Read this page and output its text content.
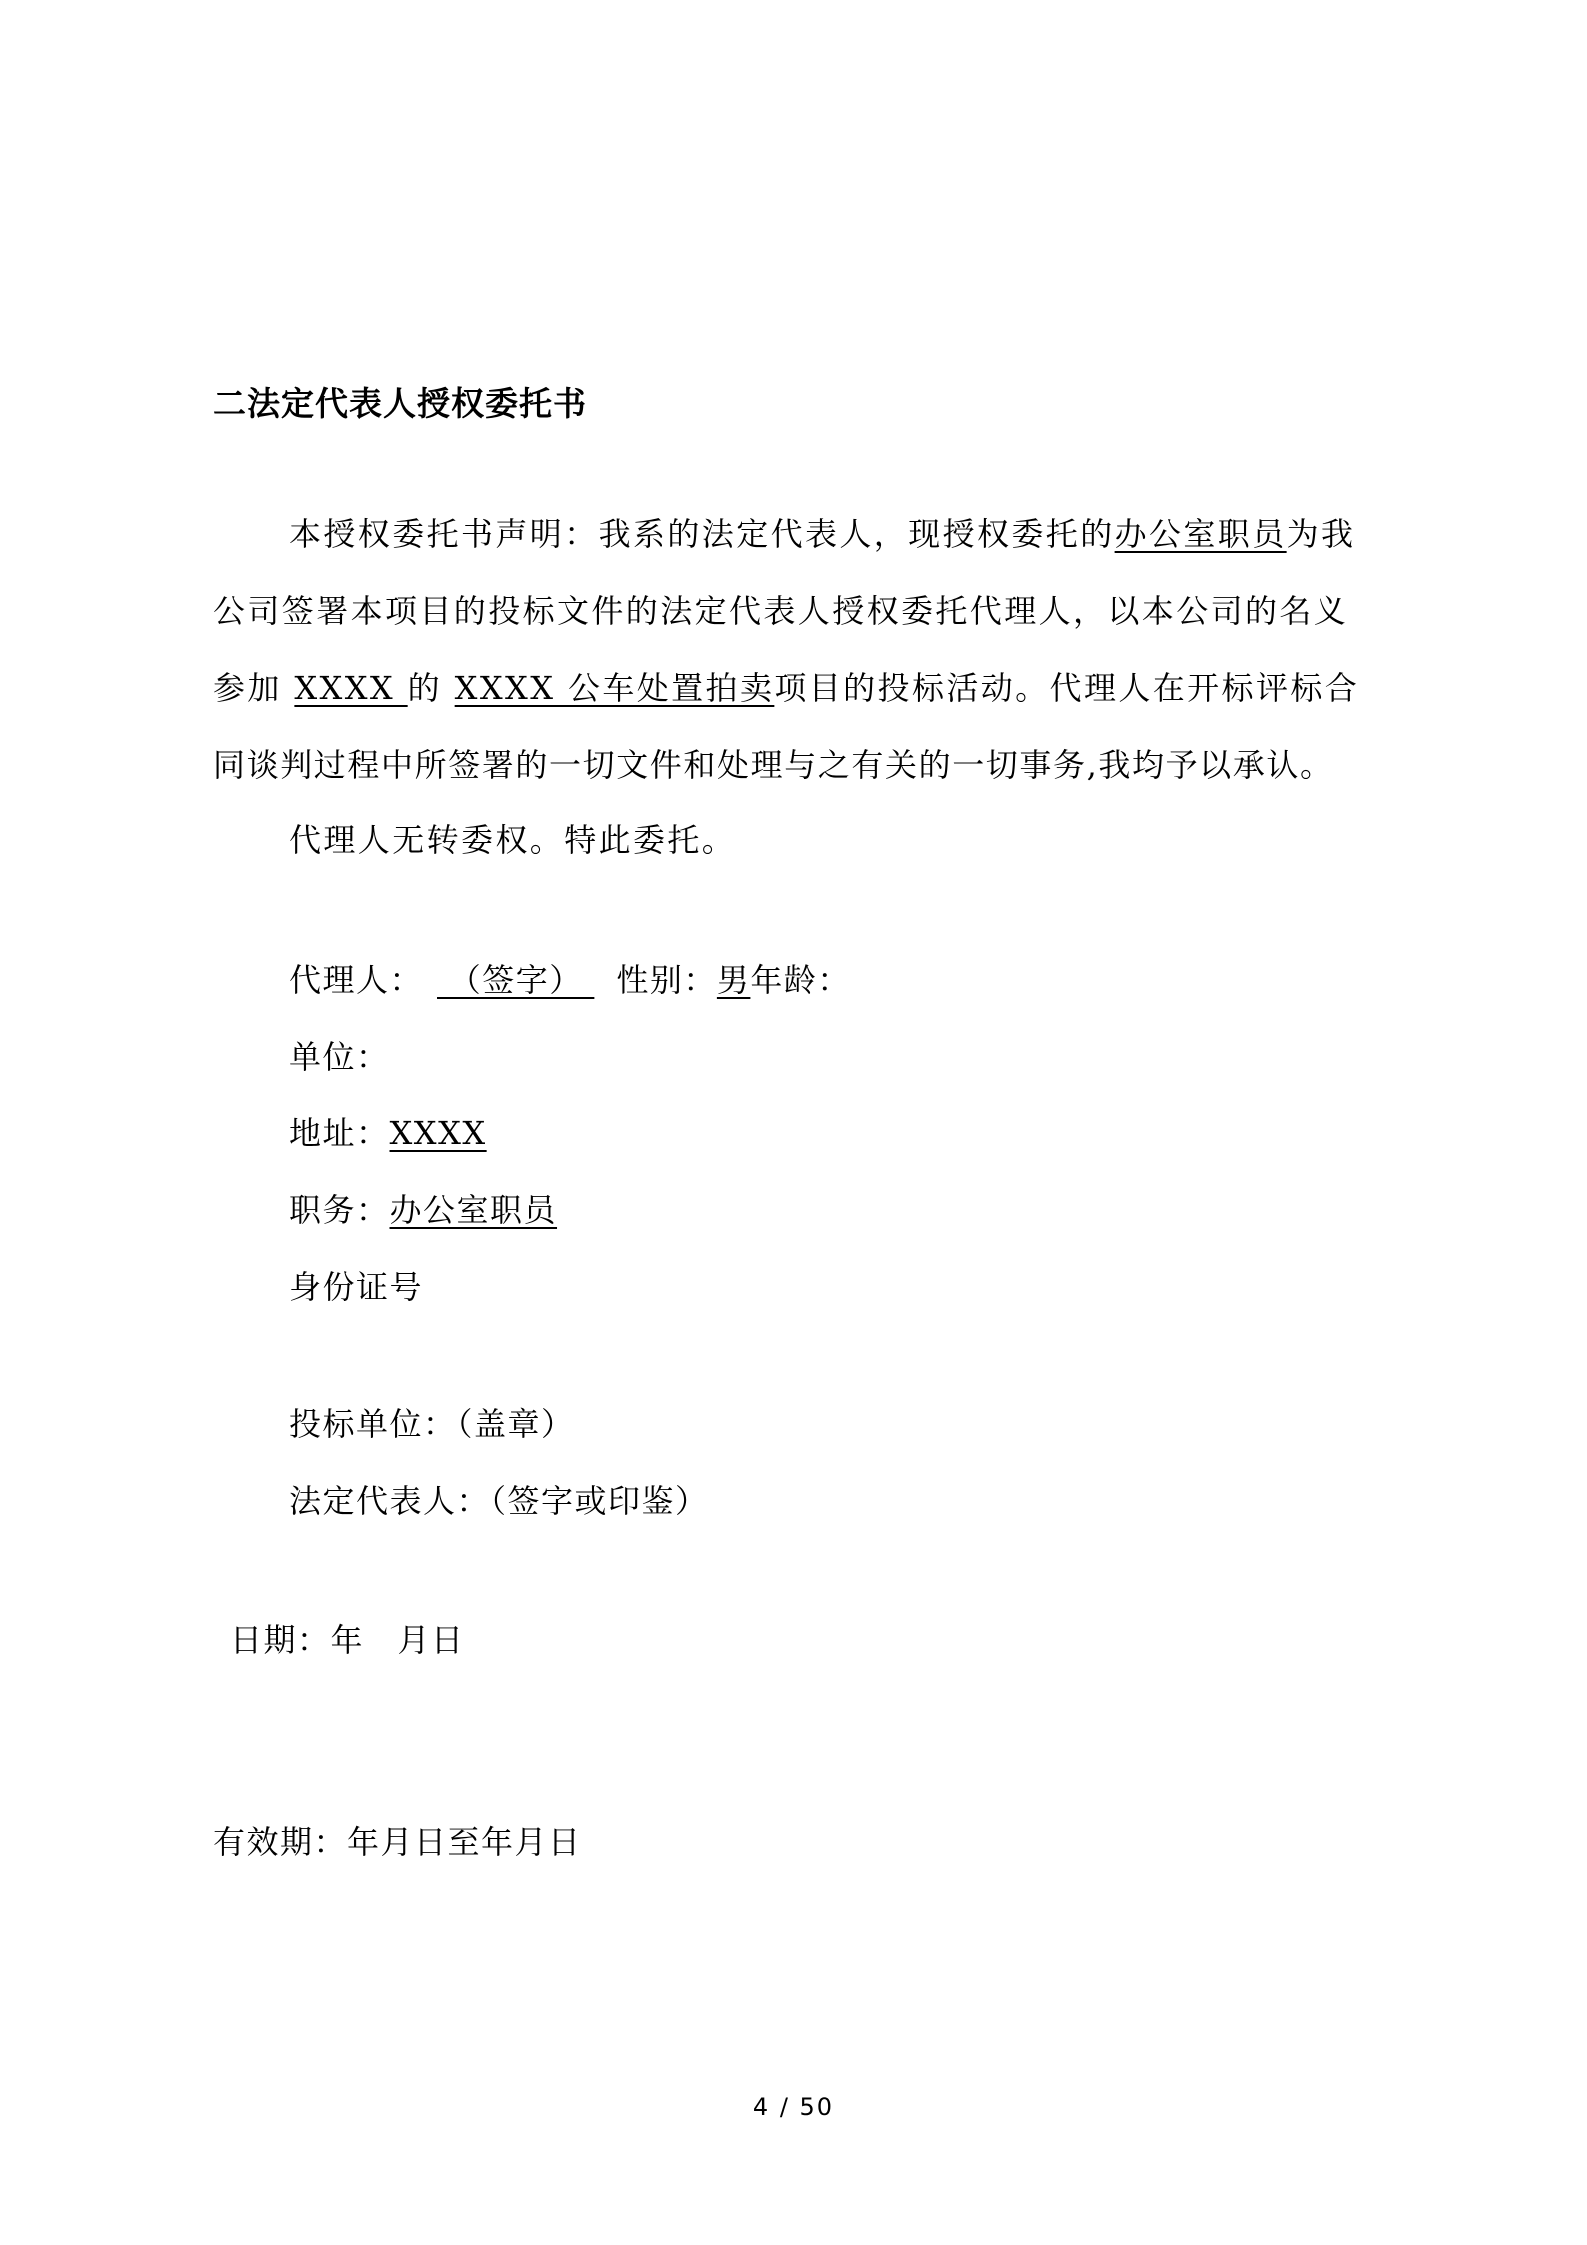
二法定代表人授权委托书
本授权委托书声明：我系的法定代表人，现授权委托的办公室职员为我
公司签署本项目的投标文件的法定代表人授权委托代理人，以本公司的名义
参加 XXXX 的 XXXX 公车处置拍卖项目的投标活动。代理人在开标评标合
同谈判过程中所签署的一切文件和处理与之有关的一切事务,我均予以承认。
代理人无转委权。特此委托。
代理人： （签字） 性别：男年龄：
单位：
地址：XXXX
职务：办公室职员
身份证号
投标单位：（盖章）
法定代表人：（签字或印鉴）
日期：年　月日
有效期：年月日至年月日
4 / 50
